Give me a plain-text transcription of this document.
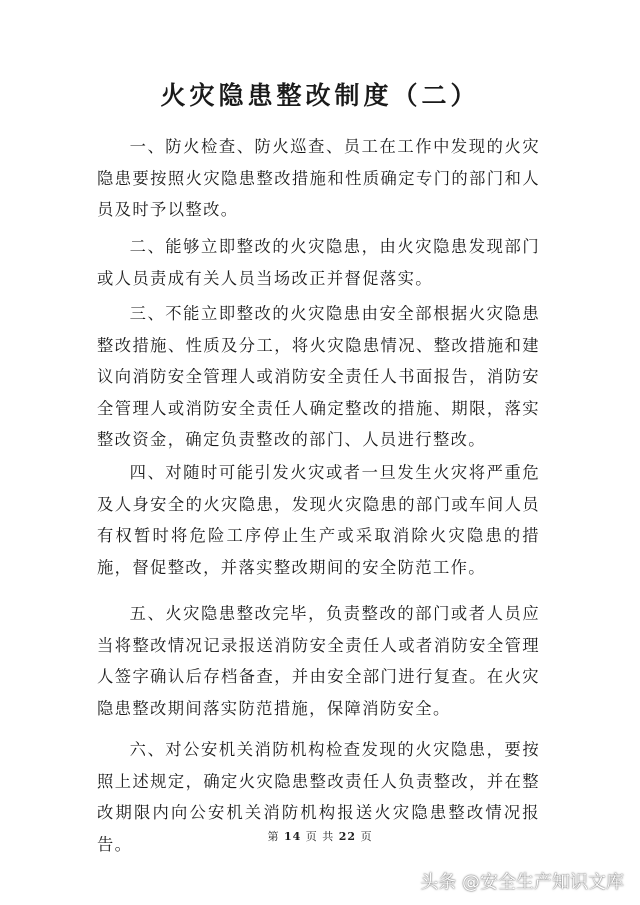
火灾隐患整改制度（二）

一、防火检查、防火巡查、员工在工作中发现的火灾隐患要按照火灾隐患整改措施和性质确定专门的部门和人员及时予以整改。

二、能够立即整改的火灾隐患，由火灾隐患发现部门或人员责成有关人员当场改正并督促落实。

三、不能立即整改的火灾隐患由安全部根据火灾隐患整改措施、性质及分工，将火灾隐患情况、整改措施和建议向消防安全管理人或消防安全责任人书面报告，消防安全管理人或消防安全责任人确定整改的措施、期限，落实整改资金，确定负责整改的部门、人员进行整改。

四、对随时可能引发火灾或者一旦发生火灾将严重危及人身安全的火灾隐患，发现火灾隐患的部门或车间人员有权暂时将危险工序停止生产或采取消除火灾隐患的措施，督促整改，并落实整改期间的安全防范工作。

五、火灾隐患整改完毕，负责整改的部门或者人员应当将整改情况记录报送消防安全责任人或者消防安全管理人签字确认后存档备查，并由安全部门进行复查。在火灾隐患整改期间落实防范措施，保障消防安全。

六、对公安机关消防机构检查发现的火灾隐患，要按照上述规定，确定火灾隐患整改责任人负责整改，并在整改期限内向公安机关消防机构报送火灾隐患整改情况报告。	第 14 页 共 22 页
头条 @安全生产知识文库
